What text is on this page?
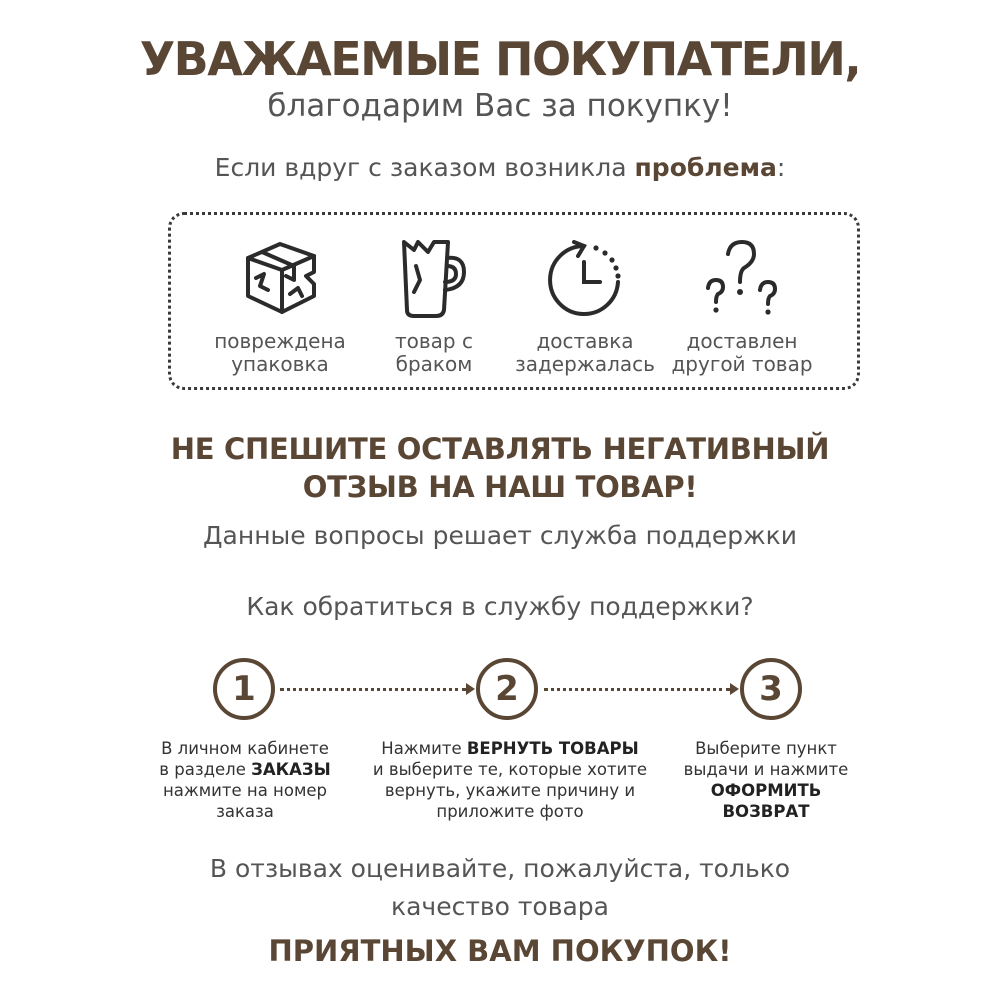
УВАЖАЕМЫЕ ПОКУПАТЕЛИ,
благодарим Вас за покупку!
Если вдруг с заказом возникла проблема:
повреждена
упаковка
товар с
браком
доставка
задержалась
доставлен
другой товар
НЕ СПЕШИТЕ ОСТАВЛЯТЬ НЕГАТИВНЫЙ
ОТЗЫВ НА НАШ ТОВАР!
Данные вопросы решает служба поддержки
Как обратиться в службу поддержки?
1	2	3
В личном кабинете
в разделе ЗАКАЗЫ
нажмите на номер
заказа
Нажмите ВЕРНУТЬ ТОВАРЫ
и выберите те, которые хотите
вернуть, укажите причину и
приложите фото
Выберите пункт
выдачи и нажмите
ОФОРМИТЬ
ВОЗВРАТ
В отзывах оценивайте, пожалуйста, только
качество товара
ПРИЯТНЫХ ВАМ ПОКУПОК!
